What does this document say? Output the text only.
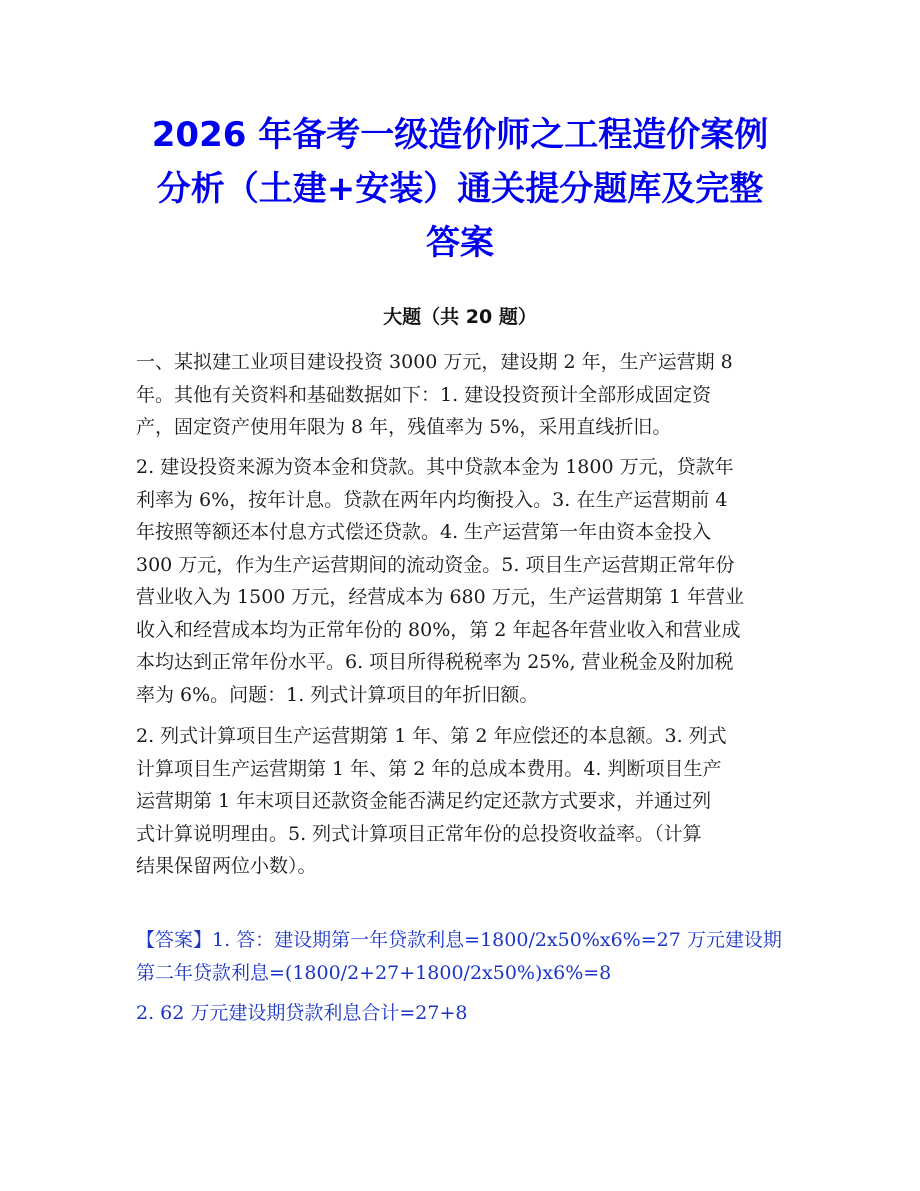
2026 年备考一级造价师之工程造价案例
分析（土建+安装）通关提分题库及完整
答案
大题（共 20 题）

一、某拟建工业项目建设投资 3000 万元，建设期 2 年，生产运营期 8
年。其他有关资料和基础数据如下：1. 建设投资预计全部形成固定资
产，固定资产使用年限为 8 年，残值率为 5%，采用直线折旧。

2. 建设投资来源为资本金和贷款。其中贷款本金为 1800 万元，贷款年
利率为 6%，按年计息。贷款在两年内均衡投入。3. 在生产运营期前 4
年按照等额还本付息方式偿还贷款。4. 生产运营第一年由资本金投入
300 万元，作为生产运营期间的流动资金。5. 项目生产运营期正常年份
营业收入为 1500 万元，经营成本为 680 万元，生产运营期第 1 年营业
收入和经营成本均为正常年份的 80%，第 2 年起各年营业收入和营业成
本均达到正常年份水平。6. 项目所得税税率为 25%, 营业税金及附加税
率为 6%。问题：1. 列式计算项目的年折旧额。

2. 列式计算项目生产运营期第 1 年、第 2 年应偿还的本息额。3. 列式
计算项目生产运营期第 1 年、第 2 年的总成本费用。4. 判断项目生产
运营期第 1 年末项目还款资金能否满足约定还款方式要求，并通过列
式计算说明理由。5. 列式计算项目正常年份的总投资收益率。（计算
结果保留两位小数）。

【答案】1. 答：建设期第一年贷款利息=1800/2x50%x6%=27 万元建设期
第二年贷款利息=(1800/2+27+1800/2x50%)x6%=8

2. 62 万元建设期贷款利息合计=27+8
